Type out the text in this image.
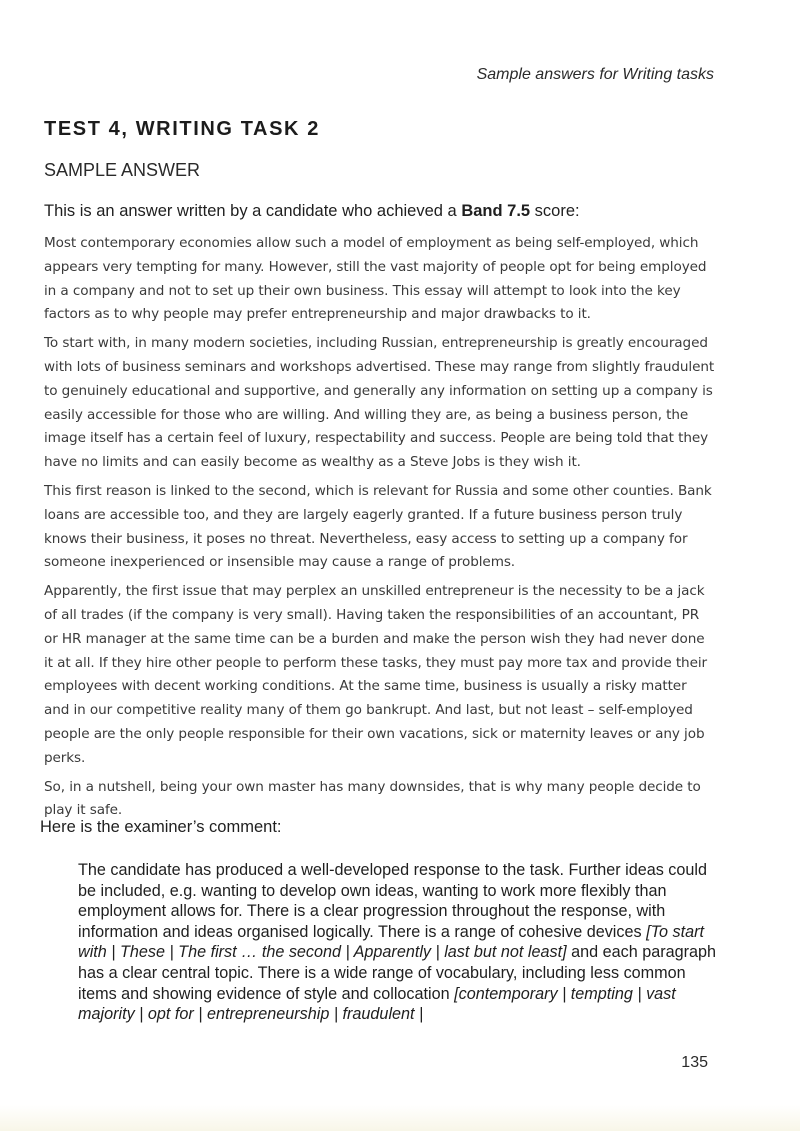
Sample answers for Writing tasks
TEST 4, WRITING TASK 2
SAMPLE ANSWER
This is an answer written by a candidate who achieved a Band 7.5 score:

Most contemporary economies allow such a model of employment as being self-employed, which appears very tempting for many. However, still the vast majority of people opt for being employed in a company and not to set up their own business. This essay will attempt to look into the key factors as to why people may prefer entrepreneurship and major drawbacks to it.

To start with, in many modern societies, including Russian, entrepreneurship is greatly encouraged with lots of business seminars and workshops advertised. These may range from slightly fraudulent to genuinely educational and supportive, and generally any information on setting up a company is easily accessible for those who are willing. And willing they are, as being a business person, the image itself has a certain feel of luxury, respectability and success. People are being told that they have no limits and can easily become as wealthy as a Steve Jobs is they wish it.

This first reason is linked to the second, which is relevant for Russia and some other counties. Bank loans are accessible too, and they are largely eagerly granted. If a future business person truly knows their business, it poses no threat. Nevertheless, easy access to setting up a company for someone inexperienced or insensible may cause a range of problems.

Apparently, the first issue that may perplex an unskilled entrepreneur is the necessity to be a jack of all trades (if the company is very small). Having taken the responsibilities of an accountant, PR or HR manager at the same time can be a burden and make the person wish they had never done it at all. If they hire other people to perform these tasks, they must pay more tax and provide their employees with decent working conditions. At the same time, business is usually a risky matter and in our competitive reality many of them go bankrupt. And last, but not least – self-employed people are the only people responsible for their own vacations, sick or maternity leaves or any job perks.

So, in a nutshell, being your own master has many downsides, that is why many people decide to play it safe.

Here is the examiner’s comment:
The candidate has produced a well-developed response to the task. Further ideas could be included, e.g. wanting to develop own ideas, wanting to work more flexibly than employment allows for. There is a clear progression throughout the response, with information and ideas organised logically. There is a range of cohesive devices [To start with | These | The first … the second | Apparently | last but not least] and each paragraph has a clear central topic. There is a wide range of vocabulary, including less common items and showing evidence of style and collocation [contemporary | tempting | vast majority | opt for | entrepreneurship | fraudulent |
135
